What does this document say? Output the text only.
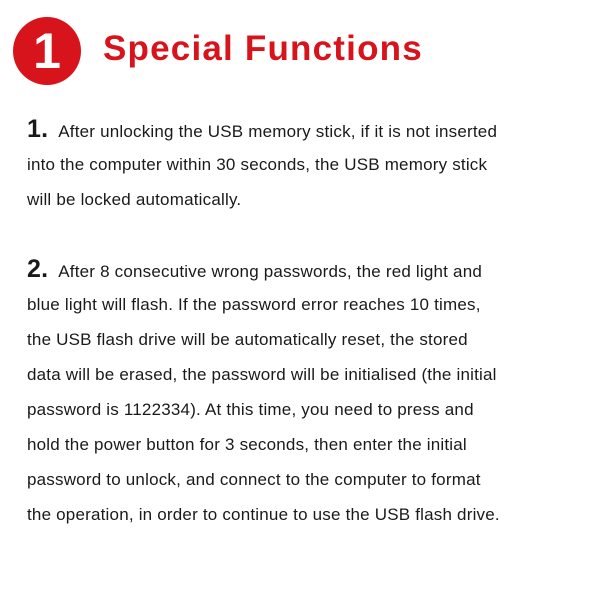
1	Special Functions
1. After unlocking the USB memory stick, if it is not inserted
into the computer within 30 seconds, the USB memory stick
will be locked automatically.
2. After 8 consecutive wrong passwords, the red light and
blue light will flash. If the password error reaches 10 times,
the USB flash drive will be automatically reset, the stored
data will be erased, the password will be initialised (the initial
password is 1122334). At this time, you need to press and
hold the power button for 3 seconds, then enter the initial
password to unlock, and connect to the computer to format
the operation, in order to continue to use the USB flash drive.
